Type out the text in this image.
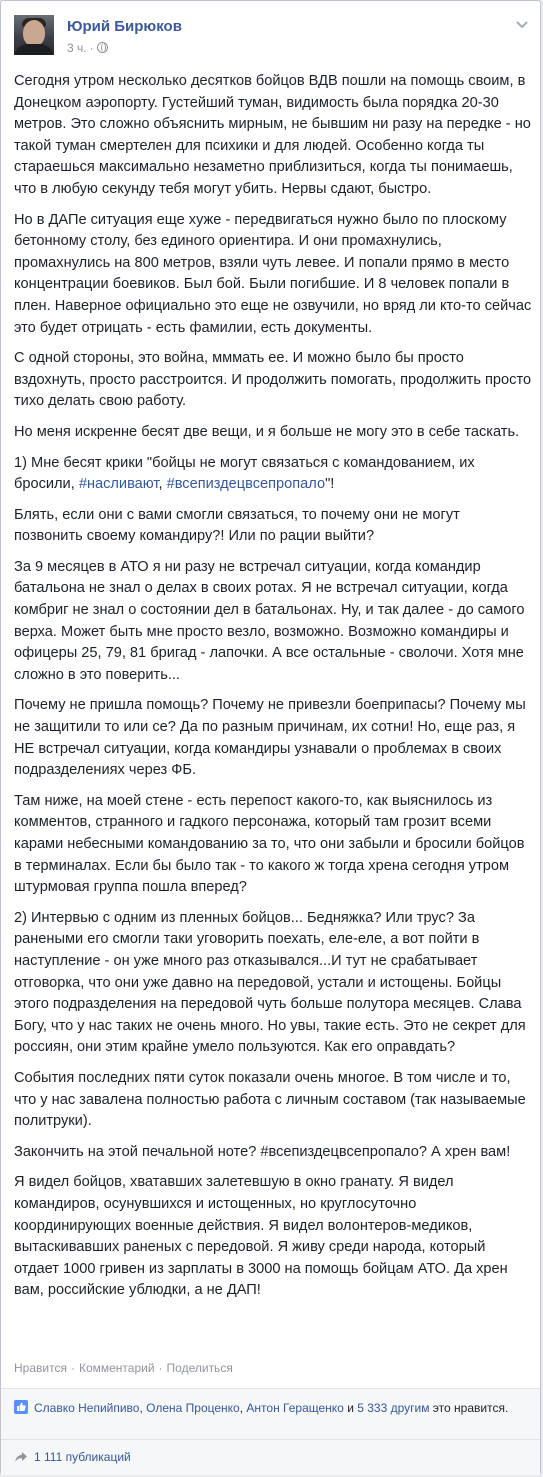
Юрий Бирюков
3 ч. ·

Сегодня утром несколько десятков бойцов ВДВ пошли на помощь своим, в Донецком аэропорту. Густейший туман, видимость была порядка 20-30 метров. Это сложно объяснить мирным, не бывшим ни разу на передке - но такой туман смертелен для психики и для людей. Особенно когда ты стараешься максимально незаметно приблизиться, когда ты понимаешь, что в любую секунду тебя могут убить. Нервы сдают, быстро.

Но в ДАПе ситуация еще хуже - передвигаться нужно было по плоскому бетонному столу, без единого ориентира. И они промахнулись, промахнулись на 800 метров, взяли чуть левее. И попали прямо в место концентрации боевиков. Был бой. Были погибшие. И 8 человек попали в плен. Наверное официально это еще не озвучили, но вряд ли кто-то сейчас это будет отрицать - есть фамилии, есть документы.

С одной стороны, это война, мммать ее. И можно было бы просто вздохнуть, просто расстроится. И продолжить помогать, продолжить просто тихо делать свою работу.

Но меня искренне бесят две вещи, и я больше не могу это в себе таскать.

1) Мне бесят крики "бойцы не могут связаться с командованием, их бросили, #насливают, #всепиздецвсепропало"!

Блять, если они с вами смогли связаться, то почему они не могут позвонить своему командиру?! Или по рации выйти?

За 9 месяцев в АТО я ни разу не встречал ситуации, когда командир батальона не знал о делах в своих ротах. Я не встречал ситуации, когда комбриг не знал о состоянии дел в батальонах. Ну, и так далее - до самого верха. Может быть мне просто везло, возможно. Возможно командиры и офицеры 25, 79, 81 бригад - лапочки. А все остальные - сволочи. Хотя мне сложно в это поверить...

Почему не пришла помощь? Почему не привезли боеприпасы? Почему мы не защитили то или се? Да по разным причинам, их сотни! Но, еще раз, я НЕ встречал ситуации, когда командиры узнавали о проблемах в своих подразделениях через ФБ.

Там ниже, на моей стене - есть перепост какого-то, как выяснилось из комментов, странного и гадкого персонажа, который там грозит всеми карами небесными командованию за то, что они забыли и бросили бойцов в терминалах. Если бы было так - то какого ж тогда хрена сегодня утром штурмовая группа пошла вперед?

2) Интервью с одним из пленных бойцов... Бедняжка? Или трус? За ранеными его смогли таки уговорить поехать, еле-еле, а вот пойти в наступление - он уже много раз отказывался...И тут не срабатывает отговорка, что они уже давно на передовой, устали и истощены. Бойцы этого подразделения на передовой чуть больше полутора месяцев. Слава Богу, что у нас таких не очень много. Но увы, такие есть. Это не секрет для россиян, они этим крайне умело пользуются. Как его оправдать?

События последних пяти суток показали очень многое. В том числе и то, что у нас завалена полностью работа с личным составом (так называемые политруки).

Закончить на этой печальной ноте? #всепиздецвсепропало? А хрен вам!

Я видел бойцов, хватавших залетевшую в окно гранату. Я видел командиров, осунувшихся и истощенных, но круглосуточно координирующих военные действия. Я видел волонтеров-медиков, вытаскивавших раненых с передовой. Я живу среди народа, который отдает 1000 гривен из зарплаты в 3000 на помощь бойцам АТО. Да хрен вам, российские ублюдки, а не ДАП!

Нравится · Комментарий · Поделиться
Славко Непийпиво, Олена Проценко, Антон Геращенко и 5 333 другим это нравится.
1 111 публикаций
